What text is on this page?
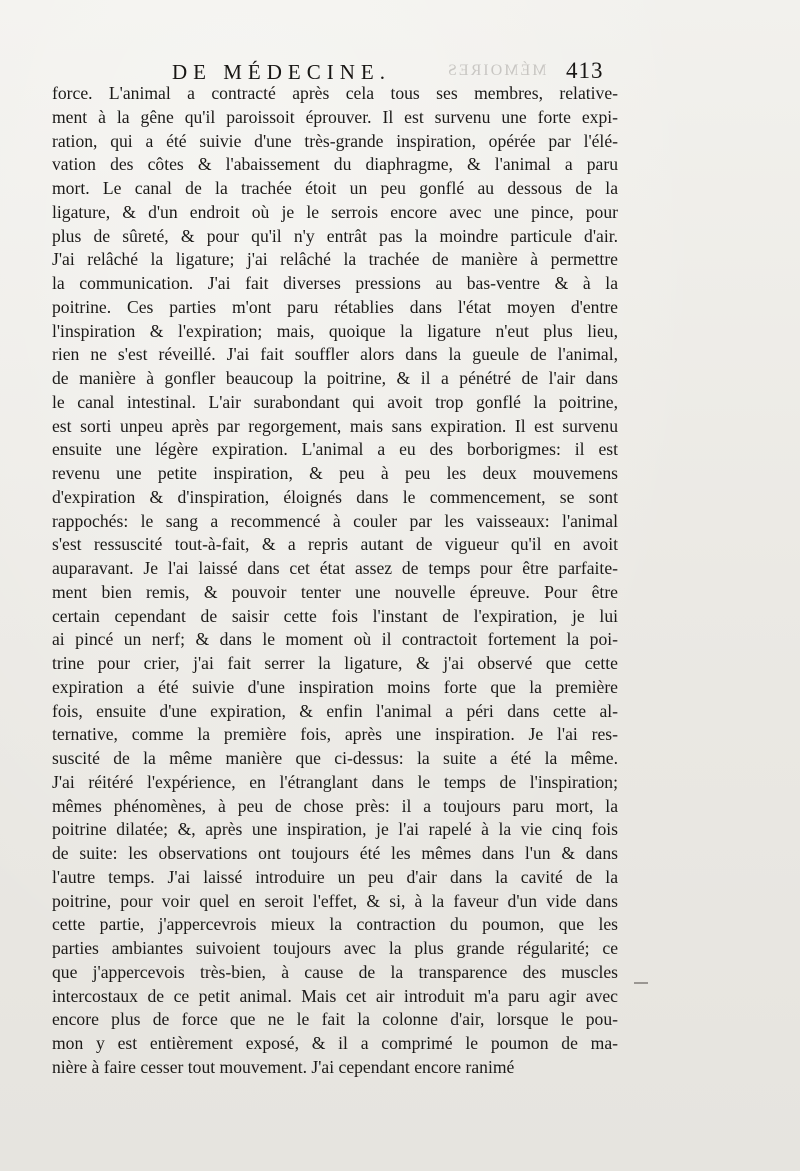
MÉMOIRES
DE MÉDECINE.	413
force. L'animal a contracté après cela tous ses membres, relative-
ment à la gêne qu'il paroissoit éprouver. Il est survenu une forte expi-
ration, qui a été suivie d'une très-grande inspiration, opérée par l'élé-
vation des côtes & l'abaissement du diaphragme, & l'animal a paru
mort. Le canal de la trachée étoit un peu gonflé au dessous de la
ligature, & d'un endroit où je le serrois encore avec une pince, pour
plus de sûreté, & pour qu'il n'y entrât pas la moindre particule d'air.
J'ai relâché la ligature; j'ai relâché la trachée de manière à permettre
la communication. J'ai fait diverses pressions au bas-ventre & à la
poitrine. Ces parties m'ont paru rétablies dans l'état moyen d'entre
l'inspiration & l'expiration; mais, quoique la ligature n'eut plus lieu,
rien ne s'est réveillé. J'ai fait souffler alors dans la gueule de l'animal,
de manière à gonfler beaucoup la poitrine, & il a pénétré de l'air dans
le canal intestinal. L'air surabondant qui avoit trop gonflé la poitrine,
est sorti unpeu après par regorgement, mais sans expiration. Il est survenu
ensuite une légère expiration. L'animal a eu des borborigmes: il est
revenu une petite inspiration, & peu à peu les deux mouvemens
d'expiration & d'inspiration, éloignés dans le commencement, se sont
rappochés: le sang a recommencé à couler par les vaisseaux: l'animal
s'est ressuscité tout-à-fait, & a repris autant de vigueur qu'il en avoit
auparavant. Je l'ai laissé dans cet état assez de temps pour être parfaite-
ment bien remis, & pouvoir tenter une nouvelle épreuve. Pour être
certain cependant de saisir cette fois l'instant de l'expiration, je lui
ai pincé un nerf; & dans le moment où il contractoit fortement la poi-
trine pour crier, j'ai fait serrer la ligature, & j'ai observé que cette
expiration a été suivie d'une inspiration moins forte que la première
fois, ensuite d'une expiration, & enfin l'animal a péri dans cette al-
ternative, comme la première fois, après une inspiration. Je l'ai res-
suscité de la même manière que ci-dessus: la suite a été la même.
J'ai réitéré l'expérience, en l'étranglant dans le temps de l'inspiration;
mêmes phénomènes, à peu de chose près: il a toujours paru mort, la
poitrine dilatée; &, après une inspiration, je l'ai rapelé à la vie cinq fois
de suite: les observations ont toujours été les mêmes dans l'un & dans
l'autre temps. J'ai laissé introduire un peu d'air dans la cavité de la
poitrine, pour voir quel en seroit l'effet, & si, à la faveur d'un vide dans
cette partie, j'appercevrois mieux la contraction du poumon, que les
parties ambiantes suivoient toujours avec la plus grande régularité; ce
que j'appercevois très-bien, à cause de la transparence des muscles
intercostaux de ce petit animal. Mais cet air introduit m'a paru agir avec
encore plus de force que ne le fait la colonne d'air, lorsque le pou-
mon y est entièrement exposé, & il a comprimé le poumon de ma-
nière à faire cesser tout mouvement. J'ai cependant encore ranimé
